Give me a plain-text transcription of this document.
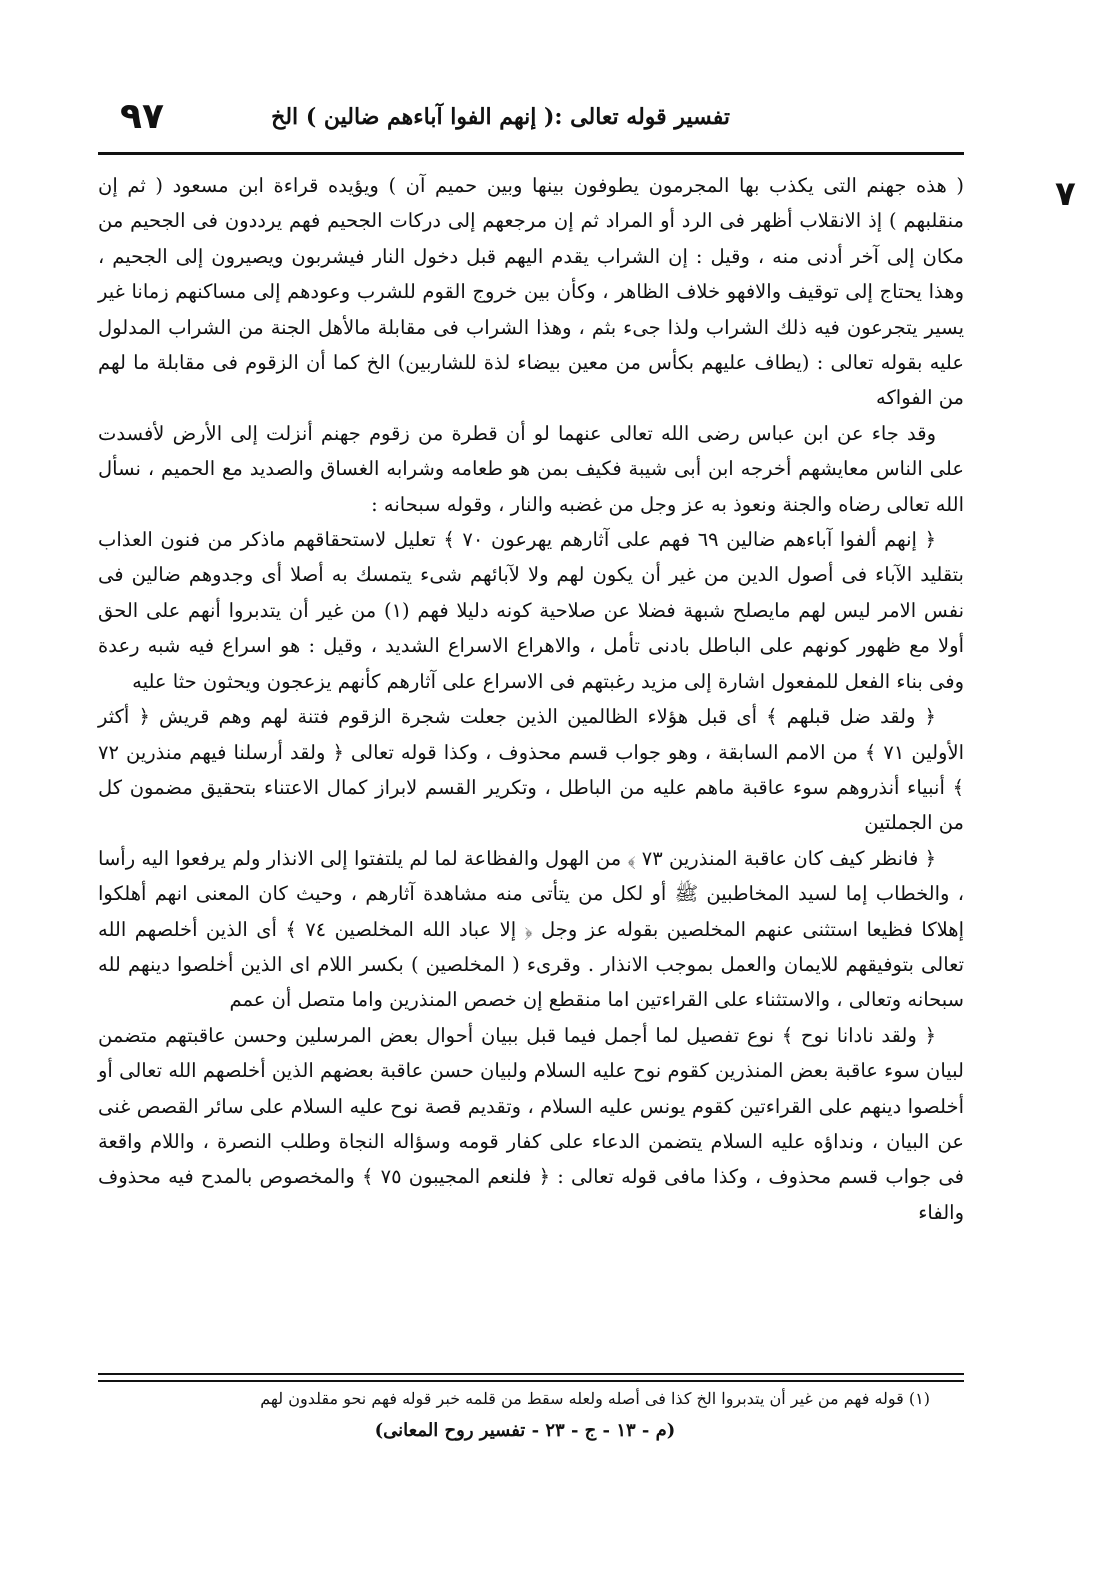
تفسير قوله تعالى :( إنهم الفوا آباءهم ضالين ) الخ
٩٧
٧

( هذه جهنم التى يكذب بها المجرمون يطوفون بينها وبين حميم آن ) ويؤيده قراءة ابن مسعود ( ثم إن منقلبهم ) إذ الانقلاب أظهر فى الرد أو المراد ثم إن مرجعهم إلى دركات الجحيم فهم يرددون فى الجحيم من مكان إلى آخر أدنى منه ، وقيل : إن الشراب يقدم اليهم قبل دخول النار فيشربون ويصيرون إلى الجحيم ، وهذا يحتاج إلى توقيف والافهو خلاف الظاهر ، وكأن بين خروج القوم للشرب وعودهم إلى مساكنهم زمانا غير يسير يتجرعون فيه ذلك الشراب ولذا جىء بثم ، وهذا الشراب فى مقابلة مالأهل الجنة من الشراب المدلول عليه بقوله تعالى : (يطاف عليهم بكأس من معين بيضاء لذة للشاربين) الخ كما أن الزقوم فى مقابلة ما لهم من الفواكه

وقد جاء عن ابن عباس رضى الله تعالى عنهما لو أن قطرة من زقوم جهنم أنزلت إلى الأرض لأفسدت على الناس معايشهم أخرجه ابن أبى شيبة فكيف بمن هو طعامه وشرابه الغساق والصديد مع الحميم ، نسأل الله تعالى رضاه والجنة ونعوذ به عز وجل من غضبه والنار ، وقوله سبحانه :

﴿ إنهم ألفوا آباءهم ضالين ٦٩ فهم على آثارهم يهرعون ٧٠ ﴾ تعليل لاستحقاقهم ماذكر من فنون العذاب بتقليد الآباء فى أصول الدين من غير أن يكون لهم ولا لآبائهم شىء يتمسك به أصلا أى وجدوهم ضالين فى نفس الامر ليس لهم مايصلح شبهة فضلا عن صلاحية كونه دليلا فهم (١) من غير أن يتدبروا أنهم على الحق أولا مع ظهور كونهم على الباطل بادنى تأمل ، والاهراع الاسراع الشديد ، وقيل : هو اسراع فيه شبه رعدة وفى بناء الفعل للمفعول اشارة إلى مزيد رغبتهم فى الاسراع على آثارهم كأنهم يزعجون ويحثون حثا عليه

﴿ ولقد ضل قبلهم ﴾ أى قبل هؤلاء الظالمين الذين جعلت شجرة الزقوم فتنة لهم وهم قريش ﴿ أكثر الأولين ٧١ ﴾ من الامم السابقة ، وهو جواب قسم محذوف ، وكذا قوله تعالى ﴿ ولقد أرسلنا فيهم منذرين ٧٢ ﴾ أنبياء أنذروهم سوء عاقبة ماهم عليه من الباطل ، وتكرير القسم لابراز كمال الاعتناء بتحقيق مضمون كل من الجملتين

﴿ فانظر كيف كان عاقبة المنذرين ٧٣ ﴾ من الهول والفظاعة لما لم يلتفتوا إلى الانذار ولم يرفعوا اليه رأسا ، والخطاب إما لسيد المخاطبين ﷺ أو لكل من يتأتى منه مشاهدة آثارهم ، وحيث كان المعنى انهم أهلكوا إهلاكا فظيعا استثنى عنهم المخلصين بقوله عز وجل ﴿ إلا عباد الله المخلصين ٧٤ ﴾ أى الذين أخلصهم الله تعالى بتوفيقهم للايمان والعمل بموجب الانذار . وقرىء ( المخلصين ) بكسر اللام اى الذين أخلصوا دينهم لله سبحانه وتعالى ، والاستثناء على القراءتين اما منقطع إن خصص المنذرين واما متصل أن عمم

﴿ ولقد نادانا نوح ﴾ نوع تفصيل لما أجمل فيما قبل ببيان أحوال بعض المرسلين وحسن عاقبتهم متضمن لبيان سوء عاقبة بعض المنذرين كقوم نوح عليه السلام ولبيان حسن عاقبة بعضهم الذين أخلصهم الله تعالى أو أخلصوا دينهم على القراءتين كقوم يونس عليه السلام ، وتقديم قصة نوح عليه السلام على سائر القصص غنى عن البيان ، ونداؤه عليه السلام يتضمن الدعاء على كفار قومه وسؤاله النجاة وطلب النصرة ، واللام واقعة فى جواب قسم محذوف ، وكذا مافى قوله تعالى : ﴿ فلنعم المجيبون ٧٥ ﴾ والمخصوص بالمدح فيه محذوف والفاء

(١) قوله فهم من غير أن يتدبروا الخ كذا فى أصله ولعله سقط من قلمه خبر قوله فهم نحو مقلدون لهم
(م - ١٣ - ج - ٢٣ - تفسير روح المعانى)
